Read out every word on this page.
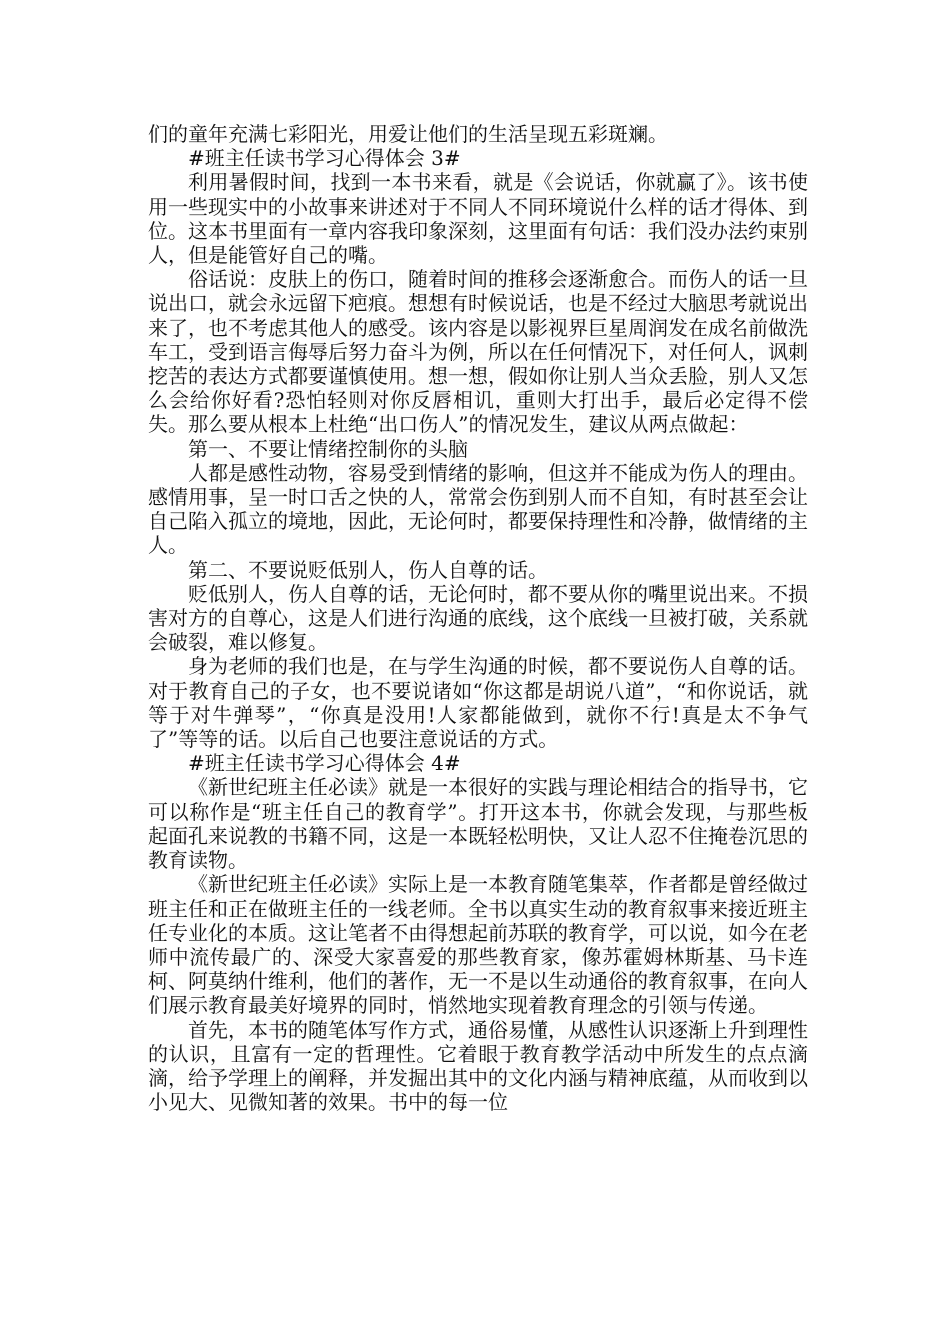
们的童年充满七彩阳光，用爱让他们的生活呈现五彩斑斓。

#班主任读书学习心得体会 3#

利用暑假时间，找到一本书来看，就是《会说话，你就赢了》。该书使用一些现实中的小故事来讲述对于不同人不同环境说什么样的话才得体、到位。这本书里面有一章内容我印象深刻，这里面有句话：我们没办法约束别人，但是能管好自己的嘴。

俗话说：皮肤上的伤口，随着时间的推移会逐渐愈合。而伤人的话一旦说出口，就会永远留下疤痕。想想有时候说话，也是不经过大脑思考就说出来了，也不考虑其他人的感受。该内容是以影视界巨星周润发在成名前做洗车工，受到语言侮辱后努力奋斗为例，所以在任何情况下，对任何人，讽刺挖苦的表达方式都要谨慎使用。想一想，假如你让别人当众丢脸，别人又怎么会给你好看?恐怕轻则对你反唇相讥，重则大打出手，最后必定得不偿失。那么要从根本上杜绝“出口伤人”的情况发生，建议从两点做起：

第一、不要让情绪控制你的头脑

人都是感性动物，容易受到情绪的影响，但这并不能成为伤人的理由。感情用事，呈一时口舌之快的人，常常会伤到别人而不自知，有时甚至会让自己陷入孤立的境地，因此，无论何时，都要保持理性和冷静，做情绪的主人。

第二、不要说贬低别人，伤人自尊的话。

贬低别人，伤人自尊的话，无论何时，都不要从你的嘴里说出来。不损害对方的自尊心，这是人们进行沟通的底线，这个底线一旦被打破，关系就会破裂，难以修复。

身为老师的我们也是，在与学生沟通的时候，都不要说伤人自尊的话。对于教育自己的子女，也不要说诸如“你这都是胡说八道”，“和你说话，就等于对牛弹琴”，“你真是没用!人家都能做到，就你不行!真是太不争气了”等等的话。以后自己也要注意说话的方式。

#班主任读书学习心得体会 4#

《新世纪班主任必读》就是一本很好的实践与理论相结合的指导书，它可以称作是“班主任自己的教育学”。打开这本书，你就会发现，与那些板起面孔来说教的书籍不同，这是一本既轻松明快，又让人忍不住掩卷沉思的教育读物。

《新世纪班主任必读》实际上是一本教育随笔集萃，作者都是曾经做过班主任和正在做班主任的一线老师。全书以真实生动的教育叙事来接近班主任专业化的本质。这让笔者不由得想起前苏联的教育学，可以说，如今在老师中流传最广的、深受大家喜爱的那些教育家，像苏霍姆林斯基、马卡连柯、阿莫纳什维利，他们的著作，无一不是以生动通俗的教育叙事，在向人们展示教育最美好境界的同时，悄然地实现着教育理念的引领与传递。

首先，本书的随笔体写作方式，通俗易懂，从感性认识逐渐上升到理性的认识，且富有一定的哲理性。它着眼于教育教学活动中所发生的点点滴滴，给予学理上的阐释，并发掘出其中的文化内涵与精神底蕴，从而收到以小见大、见微知著的效果。书中的每一位
